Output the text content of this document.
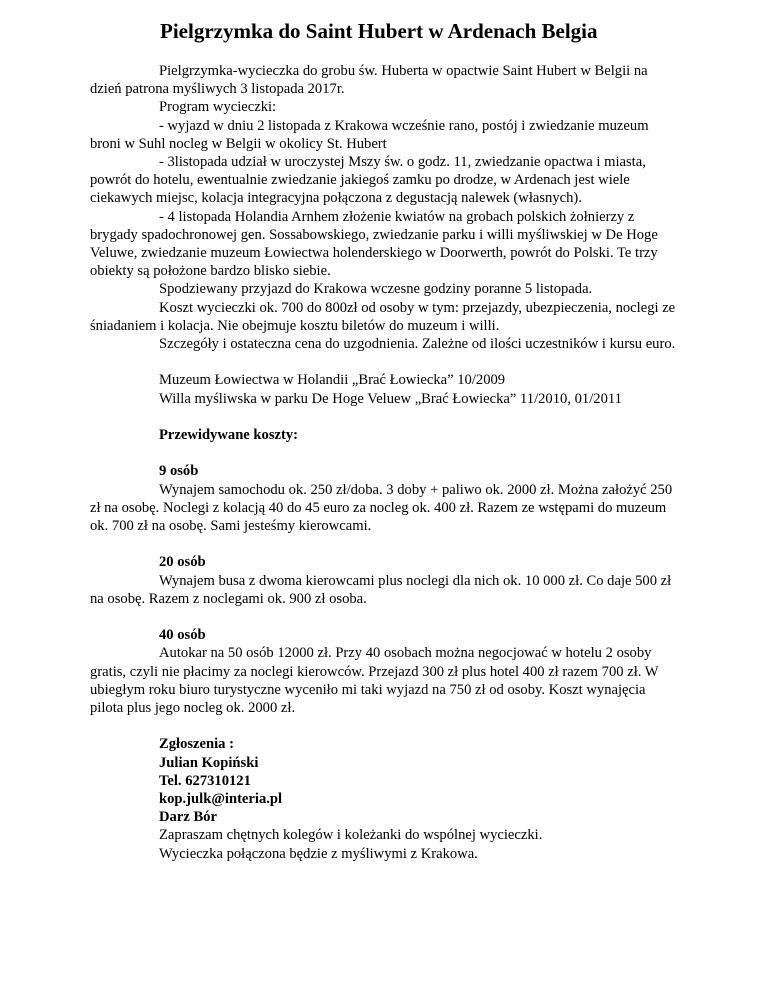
Pielgrzymka do Saint Hubert w Ardenach Belgia

Pielgrzymka-wycieczka do grobu św. Huberta w opactwie Saint Hubert w Belgii na dzień patrona myśliwych 3 listopada 2017r.

Program wycieczki:

- wyjazd w dniu 2 listopada z Krakowa wcześnie rano, postój i zwiedzanie muzeum broni w Suhl nocleg w Belgii w okolicy St. Hubert

- 3listopada udział w uroczystej Mszy św. o godz. 11, zwiedzanie opactwa i miasta, powrót do hotelu, ewentualnie zwiedzanie jakiegoś zamku po drodze, w Ardenach jest wiele ciekawych miejsc, kolacja integracyjna połączona z degustacją nalewek (własnych).

- 4 listopada Holandia Arnhem złożenie kwiatów na grobach polskich żołnierzy z brygady spadochronowej gen. Sossabowskiego, zwiedzanie parku i willi myśliwskiej w De Hoge Veluwe, zwiedzanie muzeum Łowiectwa holenderskiego w Doorwerth, powrót do Polski. Te trzy obiekty są położone bardzo blisko siebie.

Spodziewany przyjazd do Krakowa wczesne godziny poranne 5 listopada.

Koszt wycieczki ok. 700 do 800zł od osoby w tym: przejazdy, ubezpieczenia, noclegi ze śniadaniem i kolacja. Nie obejmuje kosztu biletów do muzeum i willi.

Szczegóły i ostateczna cena do uzgodnienia. Zależne od ilości uczestników i kursu euro.

Muzeum Łowiectwa w Holandii „Brać Łowiecka” 10/2009
Willa myśliwska w parku De Hoge Veluew „Brać Łowiecka” 11/2010, 01/2011
Przewidywane koszty:
9 osób

Wynajem samochodu ok. 250 zł/doba. 3 doby + paliwo ok. 2000 zł. Można założyć 250 zł na osobę. Noclegi z kolacją 40 do 45 euro za nocleg ok. 400 zł. Razem ze wstępami do muzeum ok. 700 zł na osobę. Sami jesteśmy kierowcami.

20 osób

Wynajem busa z dwoma kierowcami plus noclegi dla nich ok. 10 000 zł. Co daje 500 zł na osobę. Razem z noclegami ok. 900 zł osoba.

40 osób

Autokar na 50 osób 12000 zł. Przy 40 osobach można negocjować w hotelu 2 osoby gratis, czyli nie płacimy za noclegi kierowców. Przejazd 300 zł plus hotel 400 zł razem 700 zł. W ubiegłym roku biuro turystyczne wyceniło mi taki wyjazd na 750 zł od osoby. Koszt wynajęcia pilota plus jego nocleg ok. 2000 zł.

Zgłoszenia :
Julian Kopiński
Tel. 627310121
kop.julk@interia.pl
Darz Bór
Zapraszam chętnych kolegów i koleżanki do wspólnej wycieczki.
Wycieczka połączona będzie z myśliwymi z Krakowa.
